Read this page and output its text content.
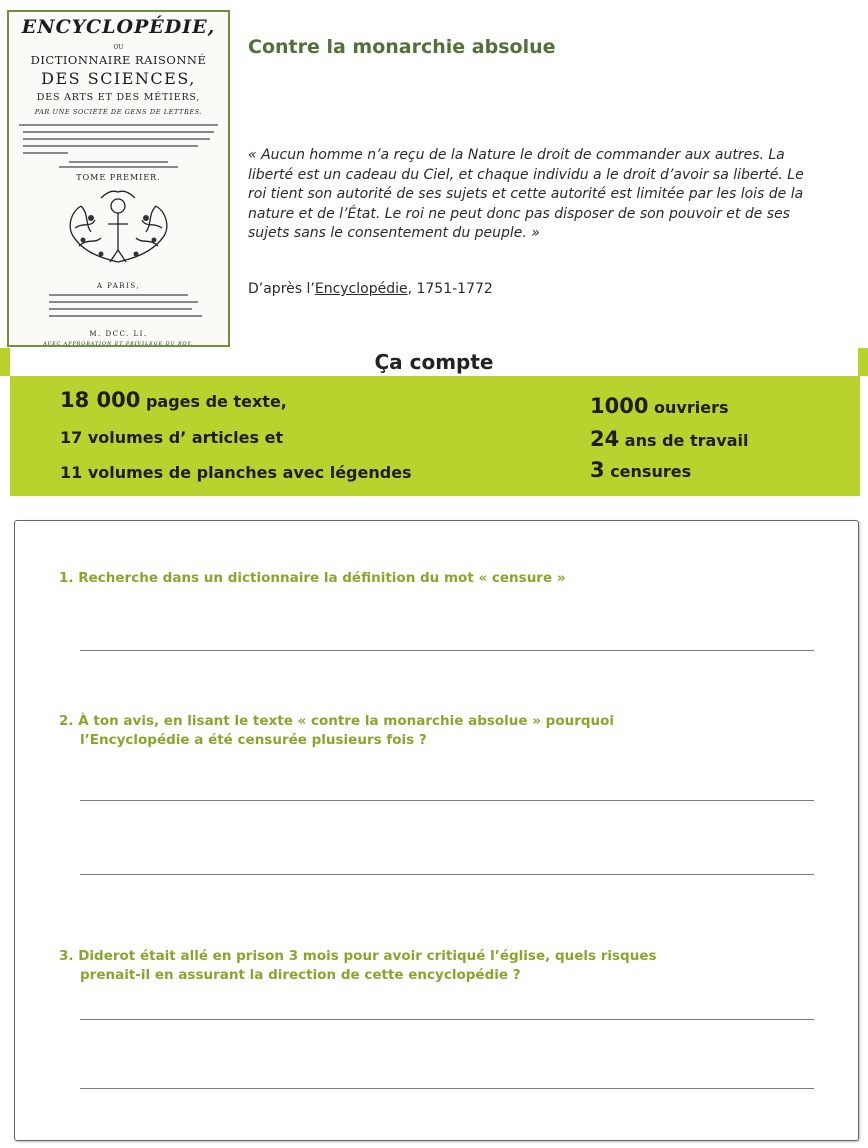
ENCYCLOPÉDIE,
OU
DICTIONNAIRE RAISONNÉ
DES SCIENCES,
DES ARTS ET DES MÉTIERS,
PAR UNE SOCIÉTÉ DE GENS DE LETTRES.
TOME PREMIER.
A PARIS,
M. DCC. LI.
AVEC APPROBATION ET PRIVILEGE DU ROY.
Contre la monarchie absolue

« Aucun homme n’a reçu de la Nature le droit de commander aux autres. La liberté est un cadeau du Ciel, et chaque individu a le droit d’avoir sa liberté. Le roi tient son autorité de ses sujets et cette autorité est limitée par les lois de la nature et de l’État. Le roi ne peut donc pas disposer de son pouvoir et de ses sujets sans le consentement du peuple. »

D’après l’Encyclopédie, 1751-1772

Ça compte
18 000 pages de texte,
17 volumes d’ articles et
11 volumes de planches avec légendes
1000 ouvriers
24 ans de travail
3 censures

1. Recherche dans un dictionnaire la définition du mot « censure »

2. À ton avis, en lisant le texte « contre la monarchie absolue » pourquoi
l’Encyclopédie a été censurée plusieurs fois ?

3. Diderot était allé en prison 3 mois pour avoir critiqué l’église, quels risques
prenait-il en assurant la direction de cette encyclopédie ?
